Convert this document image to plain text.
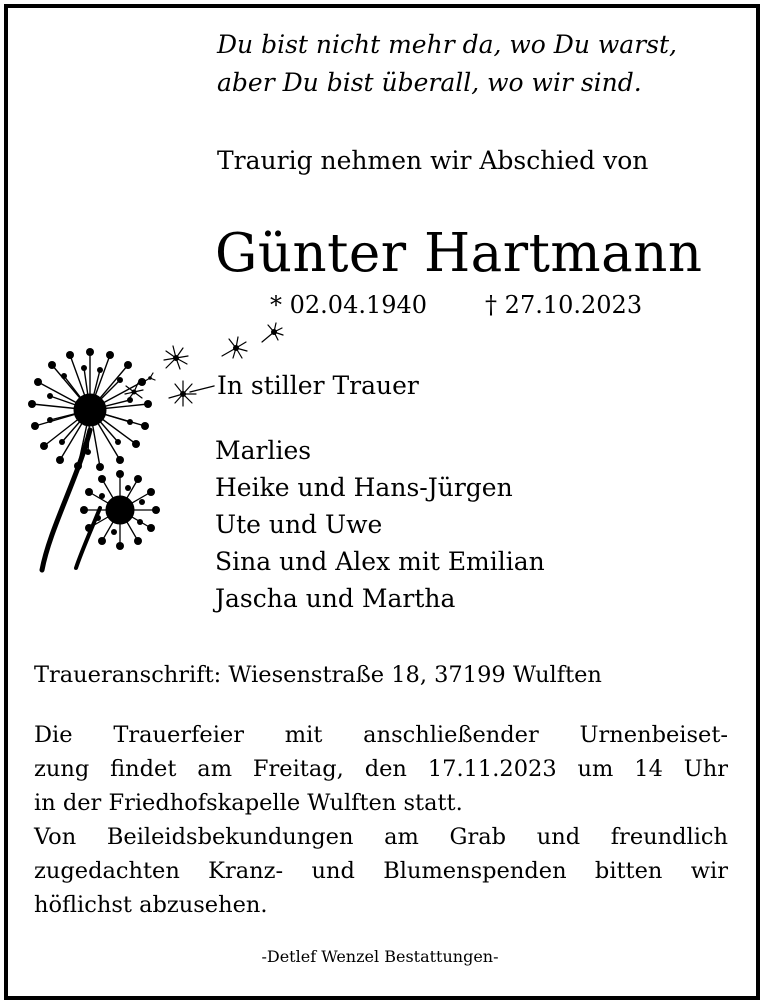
Du bist nicht mehr da, wo Du warst,
aber Du bist überall, wo wir sind.
Traurig nehmen wir Abschied von
Günter Hartmann
* 02.04.1940 † 27.10.2023
In stiller Trauer
Marlies
Heike und Hans-Jürgen
Ute und Uwe
Sina und Alex mit Emilian
Jascha und Martha
Traueranschrift: Wiesenstraße 18, 37199 Wulften

Die Trauerfeier mit anschließender Urnenbeiset-

zung findet am Freitag, den 17.11.2023 um 14 Uhr

in der Friedhofskapelle Wulften statt.

Von Beileidsbekundungen am Grab und freundlich

zugedachten Kranz- und Blumenspenden bitten wir

höflichst abzusehen.

-Detlef Wenzel Bestattungen-
